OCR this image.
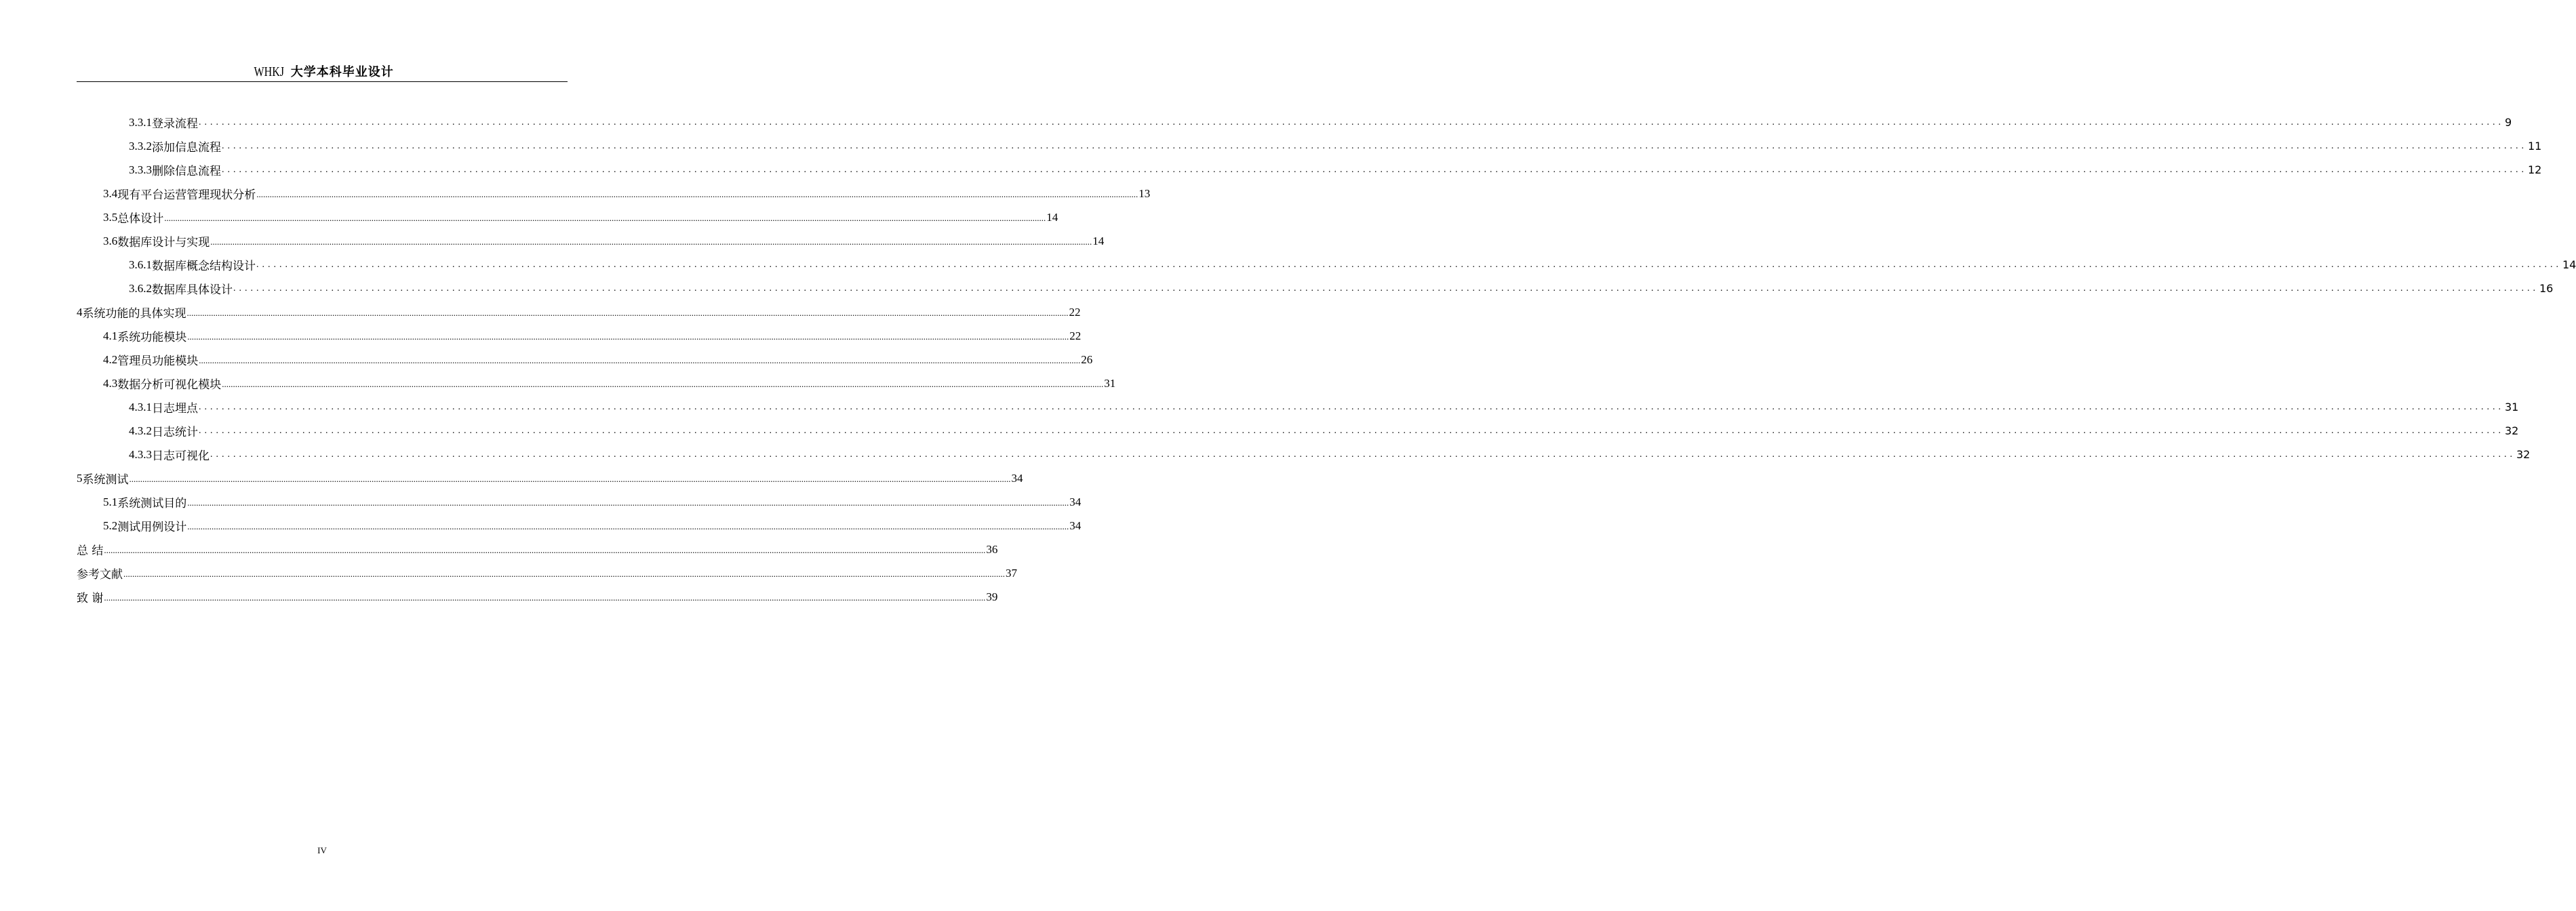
WHKJ 大学本科毕业设计
3.3.1 登录流程 ................................................................................................................................................................................................................................................................................................................................................................................................................ 9
3.3.2 添加信息流程 ................................................................................................................................................................................................................................................................................................................................................................................................................ 11
3.3.3 删除信息流程 ................................................................................................................................................................................................................................................................................................................................................................................................................ 12
3.4 现有平台运营管理现状分析 ................................................................................................................................................................................................................................................................................................................................................................................................................ 13
3.5 总体设计 ................................................................................................................................................................................................................................................................................................................................................................................................................ 14
3.6 数据库设计与实现 ................................................................................................................................................................................................................................................................................................................................................................................................................ 14
3.6.1 数据库概念结构设计 ................................................................................................................................................................................................................................................................................................................................................................................................................ 14
3.6.2 数据库具体设计 ................................................................................................................................................................................................................................................................................................................................................................................................................ 16
4 系统功能的具体实现 ................................................................................................................................................................................................................................................................................................................................................................................................................ 22
4.1 系统功能模块 ................................................................................................................................................................................................................................................................................................................................................................................................................ 22
4.2 管理员功能模块 ................................................................................................................................................................................................................................................................................................................................................................................................................ 26
4.3 数据分析可视化模块 ................................................................................................................................................................................................................................................................................................................................................................................................................ 31
4.3.1 日志埋点 ................................................................................................................................................................................................................................................................................................................................................................................................................ 31
4.3.2 日志统计 ................................................................................................................................................................................................................................................................................................................................................................................................................ 32
4.3.3 日志可视化 ................................................................................................................................................................................................................................................................................................................................................................................................................ 32
5 系统测试 ................................................................................................................................................................................................................................................................................................................................................................................................................ 34
5.1 系统测试目的 ................................................................................................................................................................................................................................................................................................................................................................................................................ 34
5.2 测试用例设计 ................................................................................................................................................................................................................................................................................................................................................................................................................ 34
总 结 ................................................................................................................................................................................................................................................................................................................................................................................................................ 36
参考文献 ................................................................................................................................................................................................................................................................................................................................................................................................................ 37
致 谢 ................................................................................................................................................................................................................................................................................................................................................................................................................ 39
IV
